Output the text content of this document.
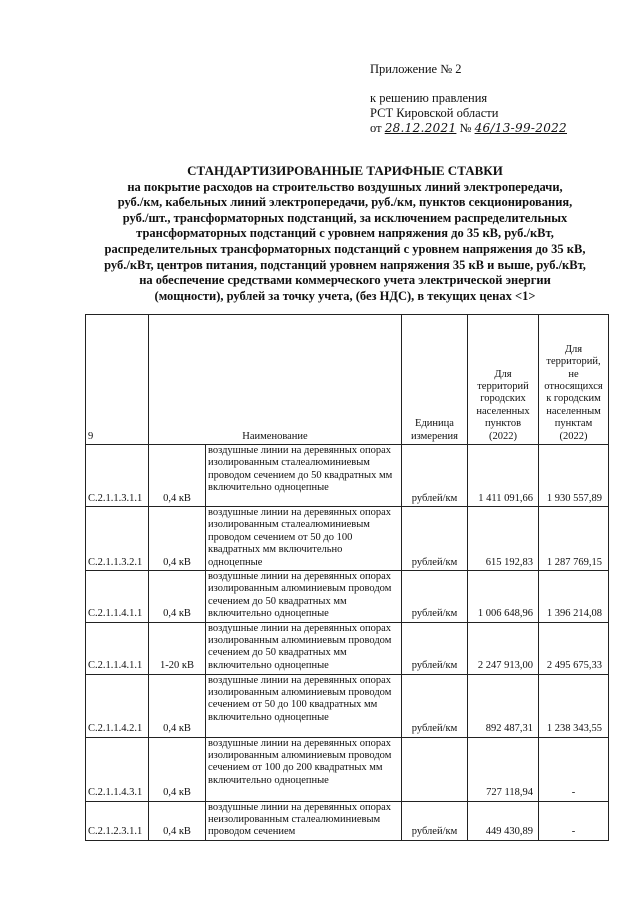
Приложение № 2
к решению правления
РСТ Кировской области
от 28.12.2021 № 46/13-99-2022
СТАНДАРТИЗИРОВАННЫЕ ТАРИФНЫЕ СТАВКИ
на покрытие расходов на строительство воздушных линий электропередачи,
руб./км, кабельных линий электропередачи, руб./км, пунктов секционирования,
руб./шт., трансформаторных подстанций, за исключением распределительных
трансформаторных подстанций с уровнем напряжения до 35 кВ, руб./кВт,
распределительных трансформаторных подстанций с уровнем напряжения до 35 кВ,
руб./кВт, центров питания, подстанций уровнем напряжения 35 кВ и выше, руб./кВт,
на обеспечение средствами коммерческого учета электрической энергии
(мощности), рублей за точку учета, (без НДС), в текущих ценах <1>
9	Наименование		Единица измерения	Для территорий городских населенных пунктов (2022)	Для территорий, не относящихся к городским населенным пунктам (2022)
С.2.1.1.3.1.1	0,4 кВ	воздушные линии на деревянных опорах изолированным сталеалюминиевым проводом сечением до 50 квадратных мм включительно одноцепные	рублей/км	1 411 091,66	1 930 557,89
С.2.1.1.3.2.1	0,4 кВ	воздушные линии на деревянных опорах изолированным сталеалюминиевым проводом сечением от 50 до 100 квадратных мм включительно одноцепные	рублей/км	615 192,83	1 287 769,15
С.2.1.1.4.1.1	0,4 кВ	воздушные линии на деревянных опорах изолированным алюминиевым проводом сечением до 50 квадратных мм включительно одноцепные	рублей/км	1 006 648,96	1 396 214,08
С.2.1.1.4.1.1	1-20 кВ	воздушные линии на деревянных опорах изолированным алюминиевым проводом сечением до 50 квадратных мм включительно одноцепные	рублей/км	2 247 913,00	2 495 675,33
С.2.1.1.4.2.1	0,4 кВ	воздушные линии на деревянных опорах изолированным алюминиевым проводом сечением от 50 до 100 квадратных мм включительно одноцепные	рублей/км	892 487,31	1 238 343,55
С.2.1.1.4.3.1	0,4 кВ	воздушные линии на деревянных опорах изолированным алюминиевым проводом сечением от 100 до 200 квадратных мм включительно одноцепные		727 118,94	-
С.2.1.2.3.1.1	0,4 кВ	воздушные линии на деревянных опорах неизолированным сталеалюминиевым проводом сечением	рублей/км	449 430,89	-
